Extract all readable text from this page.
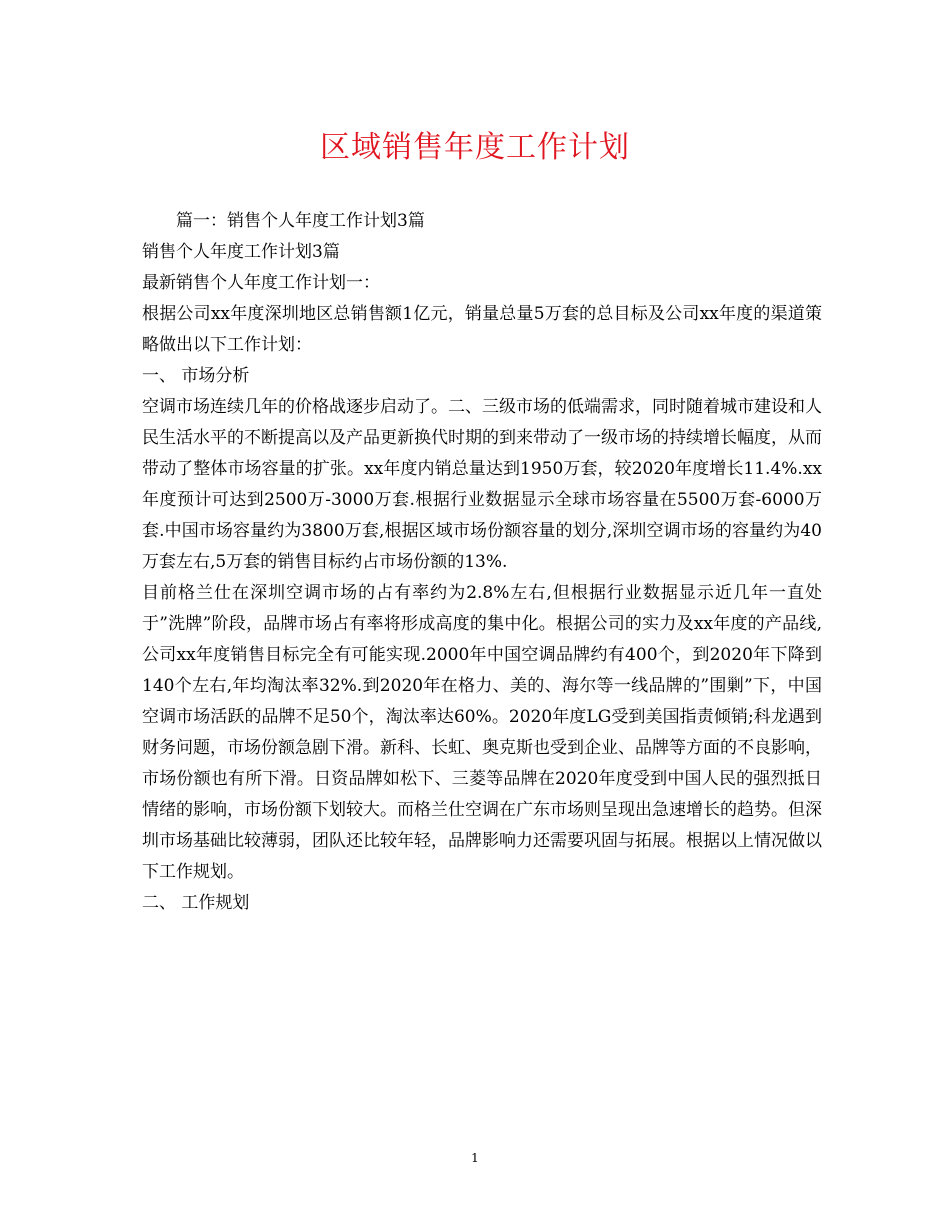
区域销售年度工作计划

篇一：销售个人年度工作计划3篇

销售个人年度工作计划3篇

最新销售个人年度工作计划一：

根据公司xx年度深圳地区总销售额1亿元，销量总量5万套的总目标及公司xx年度的渠道策略做出以下工作计划：

一、 市场分析

空调市场连续几年的价格战逐步启动了。二、三级市场的低端需求，同时随着城市建设和人民生活水平的不断提高以及产品更新换代时期的到来带动了一级市场的持续增长幅度，从而带动了整体市场容量的扩张。xx年度内销总量达到1950万套，较2020年度增长11.4%.xx年度预计可达到2500万-3000万套.根据行业数据显示全球市场容量在5500万套-6000万套.中国市场容量约为3800万套,根据区域市场份额容量的划分,深圳空调市场的容量约为40万套左右,5万套的销售目标约占市场份额的13%.

目前格兰仕在深圳空调市场的占有率约为2.8%左右,但根据行业数据显示近几年一直处于”洗牌”阶段，品牌市场占有率将形成高度的集中化。根据公司的实力及xx年度的产品线,公司xx年度销售目标完全有可能实现.2000年中国空调品牌约有400个，到2020年下降到140个左右,年均淘汰率32%.到2020年在格力、美的、海尔等一线品牌的”围剿”下，中国空调市场活跃的品牌不足50个，淘汰率达60%。2020年度LG受到美国指责倾销;科龙遇到财务问题，市场份额急剧下滑。新科、长虹、奥克斯也受到企业、品牌等方面的不良影响，市场份额也有所下滑。日资品牌如松下、三菱等品牌在2020年度受到中国人民的强烈抵日情绪的影响，市场份额下划较大。而格兰仕空调在广东市场则呈现出急速增长的趋势。但深圳市场基础比较薄弱，团队还比较年轻，品牌影响力还需要巩固与拓展。根据以上情况做以下工作规划。

二、 工作规划

1
